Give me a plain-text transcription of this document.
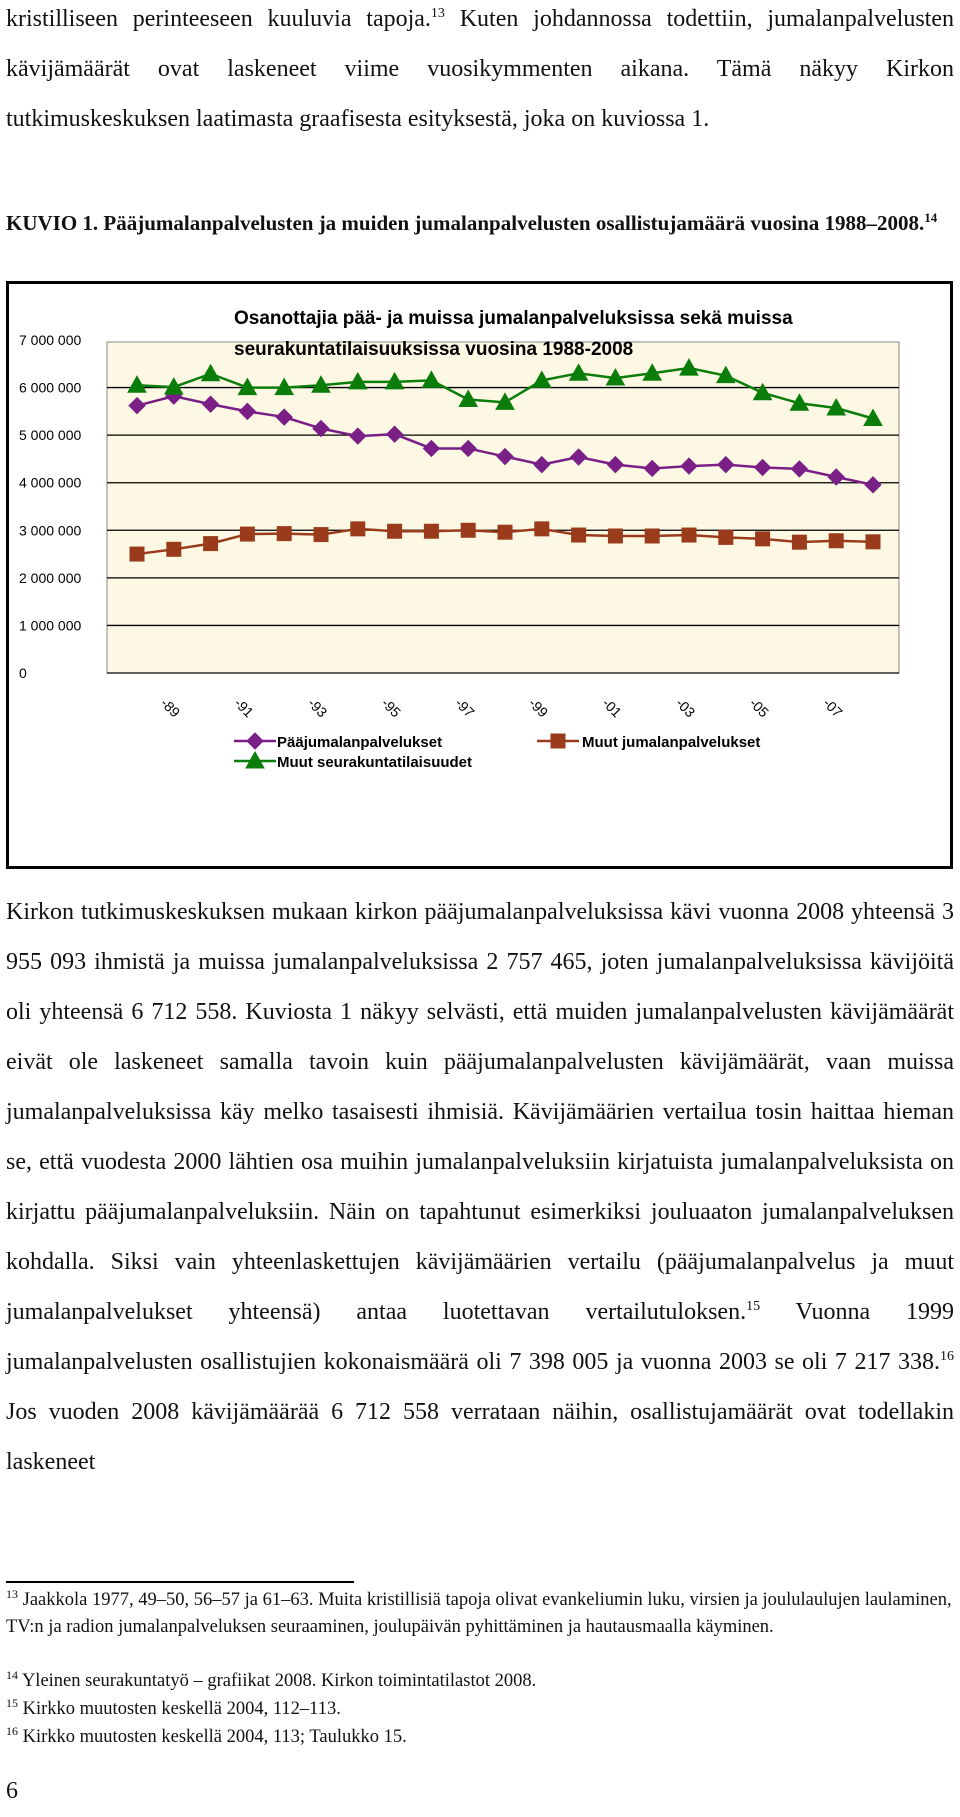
kristilliseen perinteeseen kuuluvia tapoja.$^{13}$ Kuten johdannossa todettiin, jumalanpalvelusten kävijämäärät ovat laskeneet viime vuosikymmenten aikana. Tämä näkyy Kirkon tutkimuskeskuksen laatimasta graafisesta esityksestä, joka on kuviossa 1.

KUVIO 1. Pääjumalanpalvelusten ja muiden jumalanpalvelusten osallistujamäärä vuosina 1988–2008.14

0
1 000 000
2 000 000
3 000 000
4 000 000
5 000 000
6 000 000
7 000 000
-89	-91	-93	-95	-97	-99	-01	-03	-05	-07
Osanottajia pää- ja muissa jumalanpalveluksissa sekä muissa
seurakuntatilaisuuksissa vuosina 1988-2008
Pääjumalanpalvelukset	Muut jumalanpalvelukset
Muut seurakuntatilaisuudet

Kirkon tutkimuskeskuksen mukaan kirkon pääjumalanpalveluksissa kävi vuonna 2008 yhteensä 3 955 093 ihmistä ja muissa jumalanpalveluksissa 2 757 465, joten jumalanpalveluksissa kävijöitä oli yhteensä 6 712 558. Kuviosta 1 näkyy selvästi, että muiden jumalanpalvelusten kävijämäärät eivät ole laskeneet samalla tavoin kuin pääjumalanpalvelusten kävijämäärät, vaan muissa jumalanpalveluksissa käy melko tasaisesti ihmisiä. Kävijämäärien vertailua tosin haittaa hieman se, että vuodesta 2000 lähtien osa muihin jumalanpalveluksiin kirjatuista jumalanpalveluksista on kirjattu pääjumalanpalveluksiin. Näin on tapahtunut esimerkiksi jouluaaton jumalanpalveluksen kohdalla. Siksi vain yhteenlaskettujen kävijämäärien vertailu (pääjumalanpalvelus ja muut jumalanpalvelukset yhteensä) antaa luotettavan vertailutuloksen.$^{15}$ Vuonna 1999 jumalanpalvelusten osallistujien kokonaismäärä oli 7 398 005 ja vuonna 2003 se oli 7 217 338.16 Jos vuoden 2008 kävijämäärää 6 712 558 verrataan näihin, osallistujamäärät ovat todellakin laskeneet

$^{13}$ Jaakkola 1977, 49–50, 56–57 ja 61–63. Muita kristillisiä tapoja olivat evankeliumin luku, virsien ja joululaulujen laulaminen, TV:n ja radion jumalanpalveluksen seuraaminen, joulupäivän pyhittäminen ja hautausmaalla käyminen.

$^{14}$ Yleinen seurakuntatyö – grafiikat 2008. Kirkon toimintatilastot 2008.

$^{15}$ Kirkko muutosten keskellä 2004, 112–113.

$^{16}$ Kirkko muutosten keskellä 2004, 113; Taulukko 15.

6
